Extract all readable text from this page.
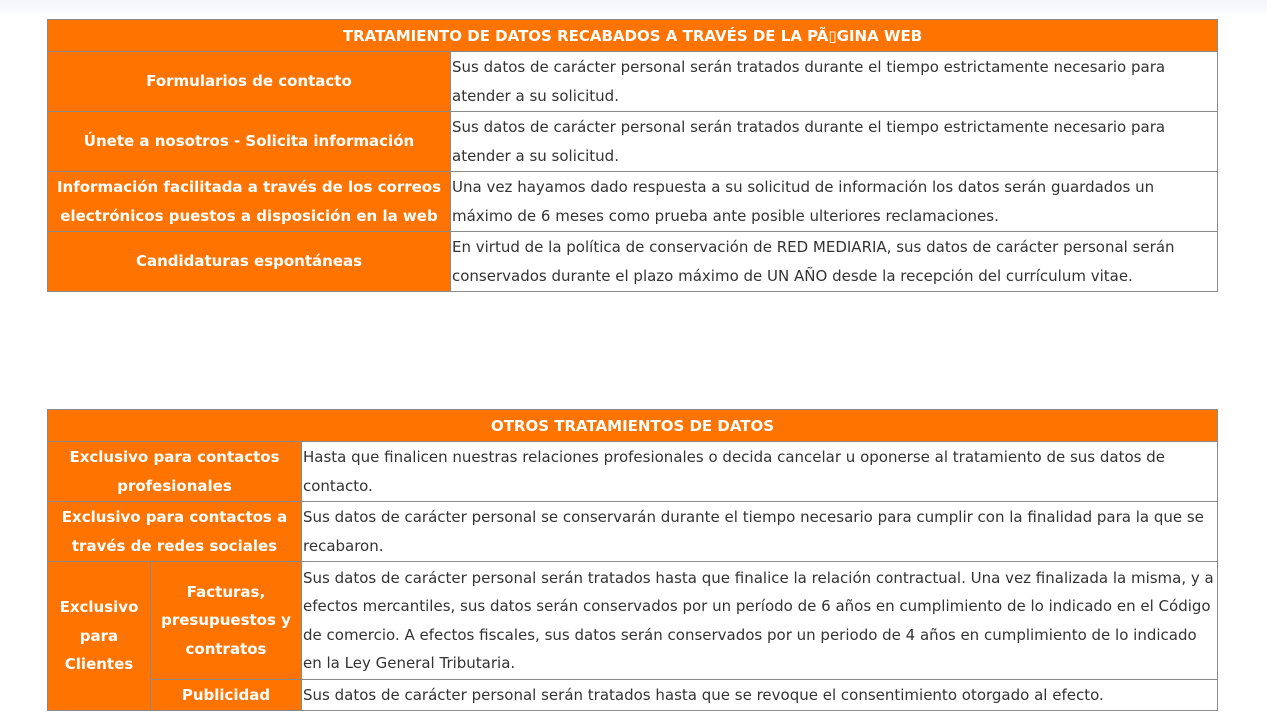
TRATAMIENTO DE DATOS RECABADOS A TRAVÉS DE LA PÃ▯GINA WEB	
Formularios de contacto	Sus datos de carácter personal serán tratados durante el tiempo estrictamente necesario para atender a su solicitud.
Únete a nosotros - Solicita información	Sus datos de carácter personal serán tratados durante el tiempo estrictamente necesario para atender a su solicitud.
Información facilitada a través de los correos electrónicos puestos a disposición en la web	Una vez hayamos dado respuesta a su solicitud de información los datos serán guardados un máximo de 6 meses como prueba ante posible ulteriores reclamaciones.
Candidaturas espontáneas	En virtud de la política de conservación de RED MEDIARIA, sus datos de carácter personal serán conservados durante el plazo máximo de UN AÑO desde la recepción del currículum vitae.
OTROS TRATAMIENTOS DE DATOS		
Exclusivo para contactos profesionales		Hasta que finalicen nuestras relaciones profesionales o decida cancelar u oponerse al tratamiento de sus datos de contacto.
Exclusivo para contactos a través de redes sociales		Sus datos de carácter personal se conservarán durante el tiempo necesario para cumplir con la finalidad para la que se recabaron.
Exclusivo para Clientes	Facturas, presupuestos y contratos	Sus datos de carácter personal serán tratados hasta que finalice la relación contractual. Una vez finalizada la misma, y a efectos mercantiles, sus datos serán conservados por un período de 6 años en cumplimiento de lo indicado en el Código de comercio. A efectos fiscales, sus datos serán conservados por un periodo de 4 años en cumplimiento de lo indicado en la Ley General Tributaria.
	Publicidad	Sus datos de carácter personal serán tratados hasta que se revoque el consentimiento otorgado al efecto.
